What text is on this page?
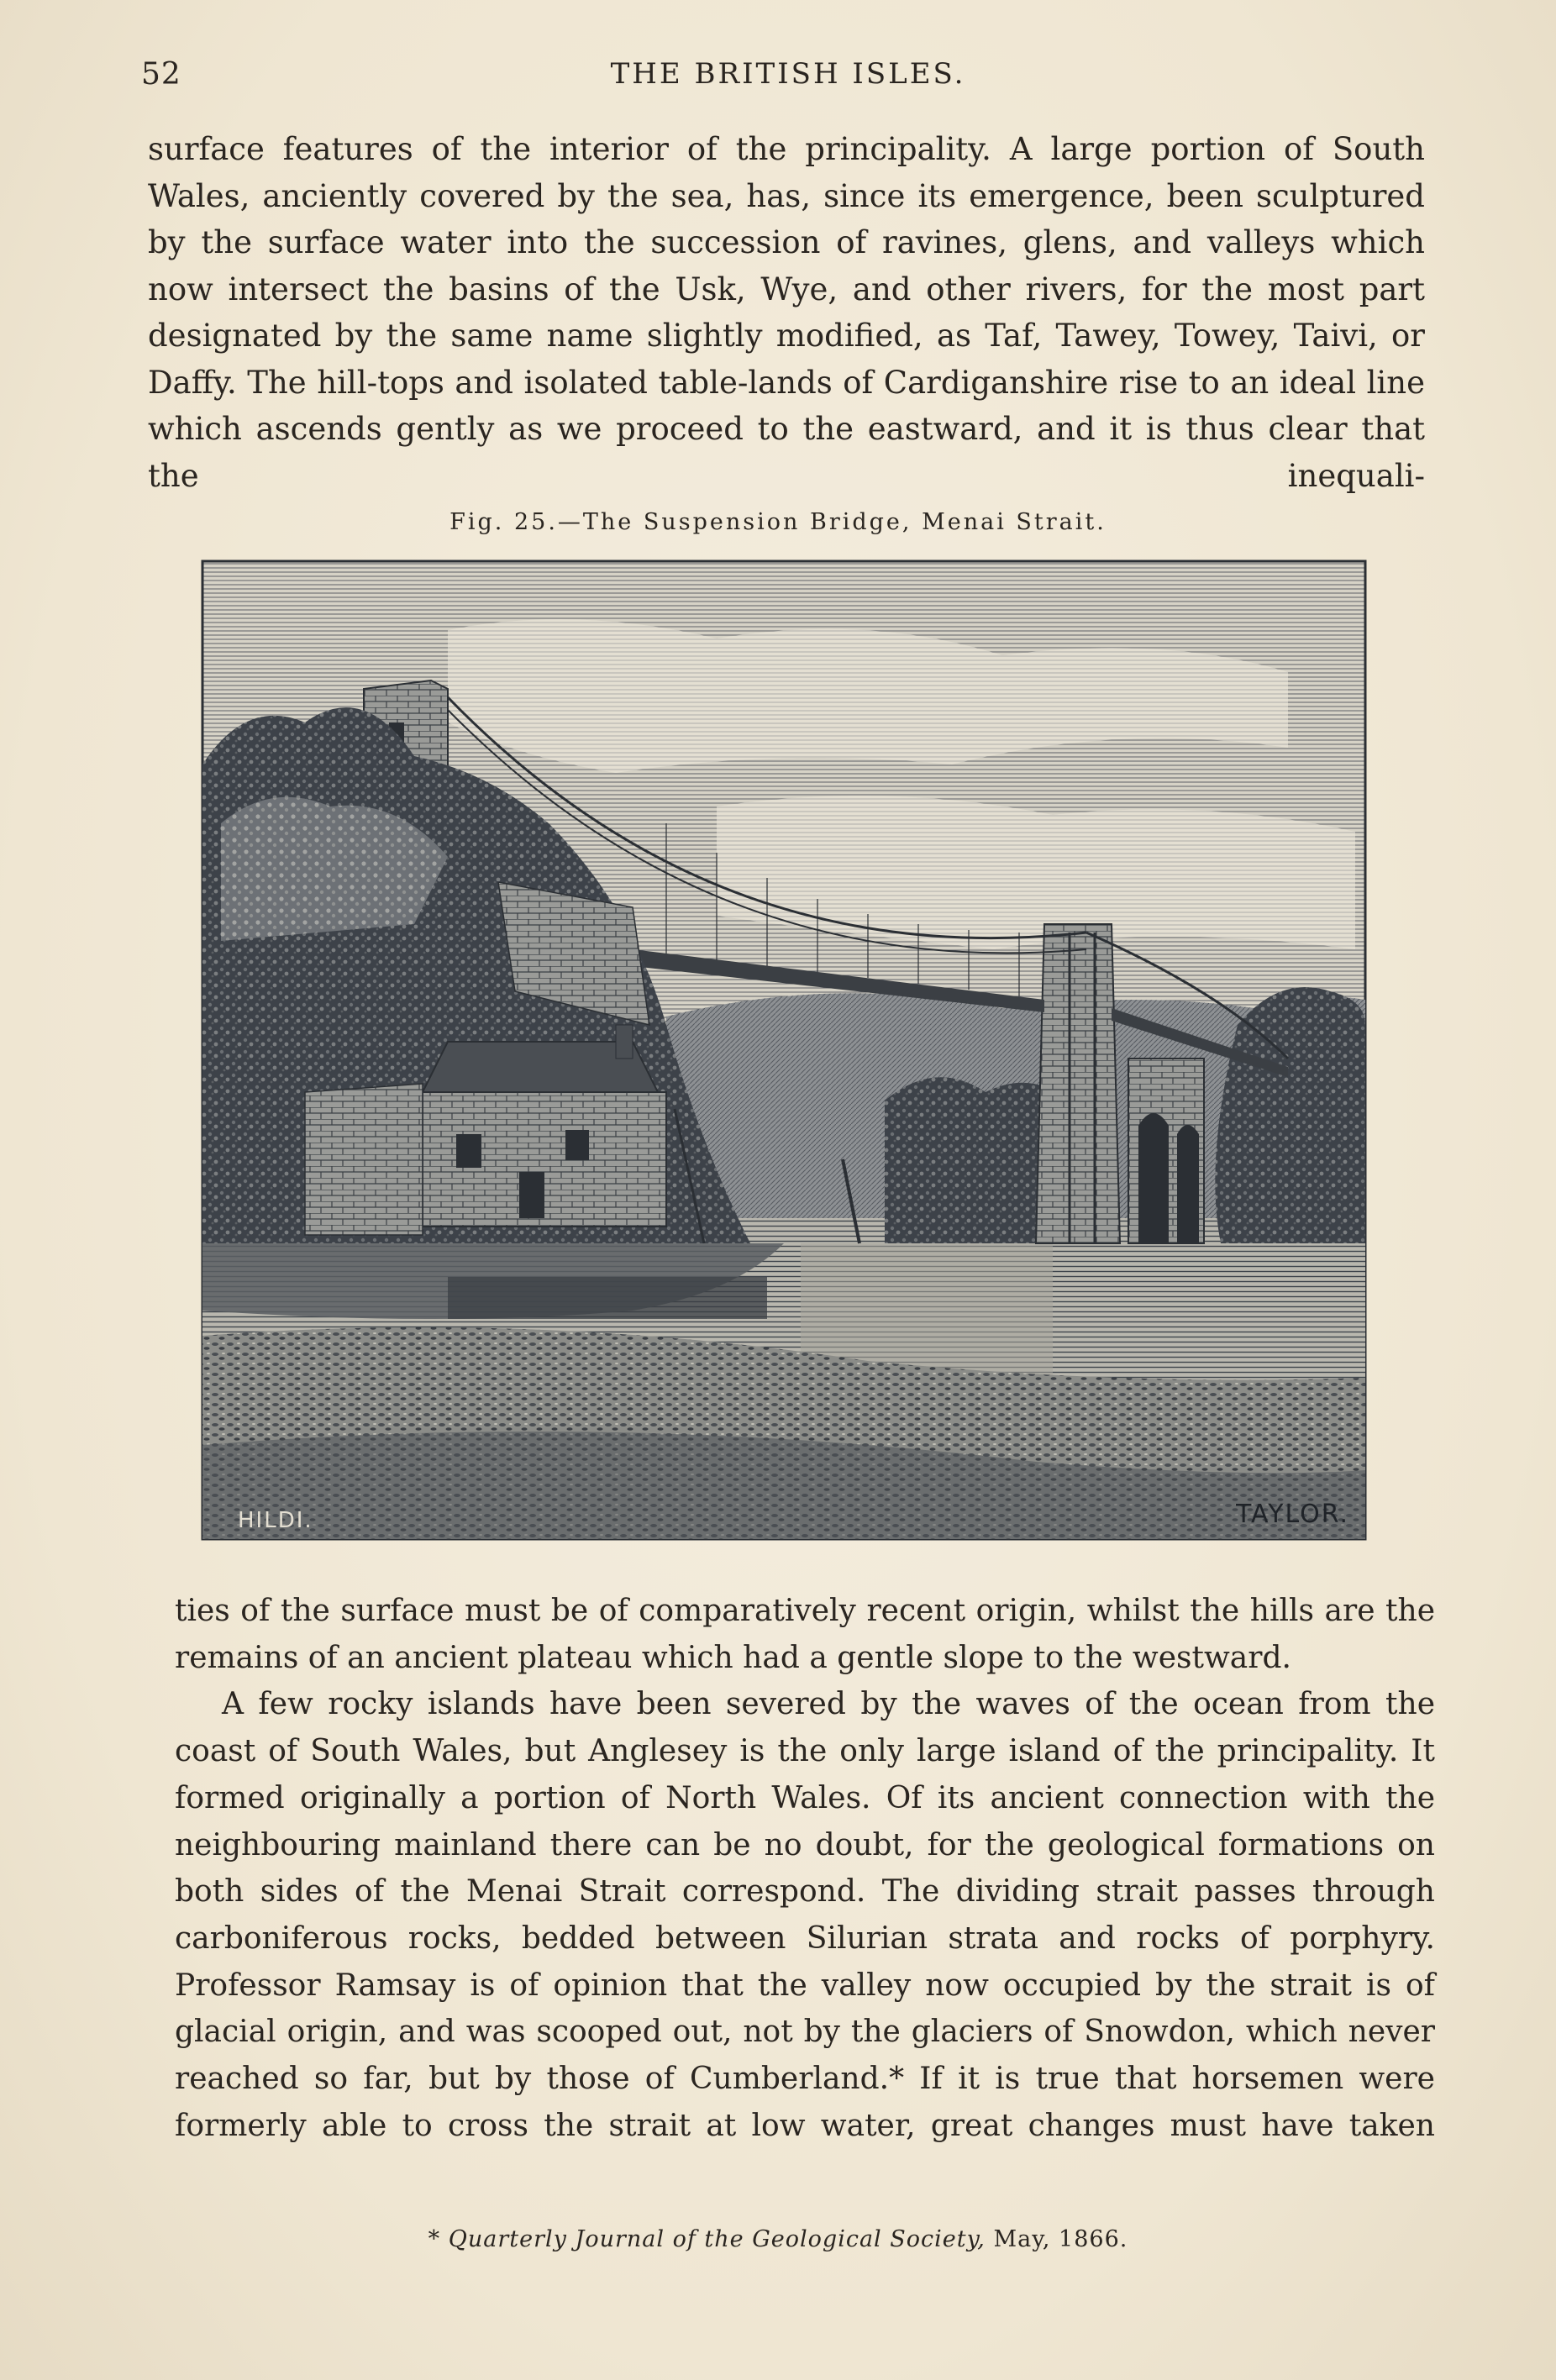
52	THE BRITISH ISLES.

surface features of the interior of the principality. A large portion of South Wales, anciently covered by the sea, has, since its emergence, been sculptured by the surface water into the succession of ravines, glens, and valleys which now intersect the basins of the Usk, Wye, and other rivers, for the most part designated by the same name slightly modified, as Taf, Tawey, Towey, Taivi, or Daffy. The hill-tops and isolated table-lands of Cardiganshire rise to an ideal line which ascends gently as we proceed to the eastward, and it is thus clear that the inequali-

Fig. 25.—The Suspension Bridge, Menai Strait.
HILDI.	TAYLOR.

ties of the surface must be of comparatively recent origin, whilst the hills are the remains of an ancient plateau which had a gentle slope to the westward.

A few rocky islands have been severed by the waves of the ocean from the coast of South Wales, but Anglesey is the only large island of the principality. It formed originally a portion of North Wales. Of its ancient connection with the neighbouring mainland there can be no doubt, for the geological formations on both sides of the Menai Strait correspond. The dividing strait passes through carboniferous rocks, bedded between Silurian strata and rocks of porphyry. Professor Ramsay is of opinion that the valley now occupied by the strait is of glacial origin, and was scooped out, not by the glaciers of Snowdon, which never reached so far, but by those of Cumberland.* If it is true that horsemen were formerly able to cross the strait at low water, great changes must have taken

* Quarterly Journal of the Geological Society, May, 1866.
